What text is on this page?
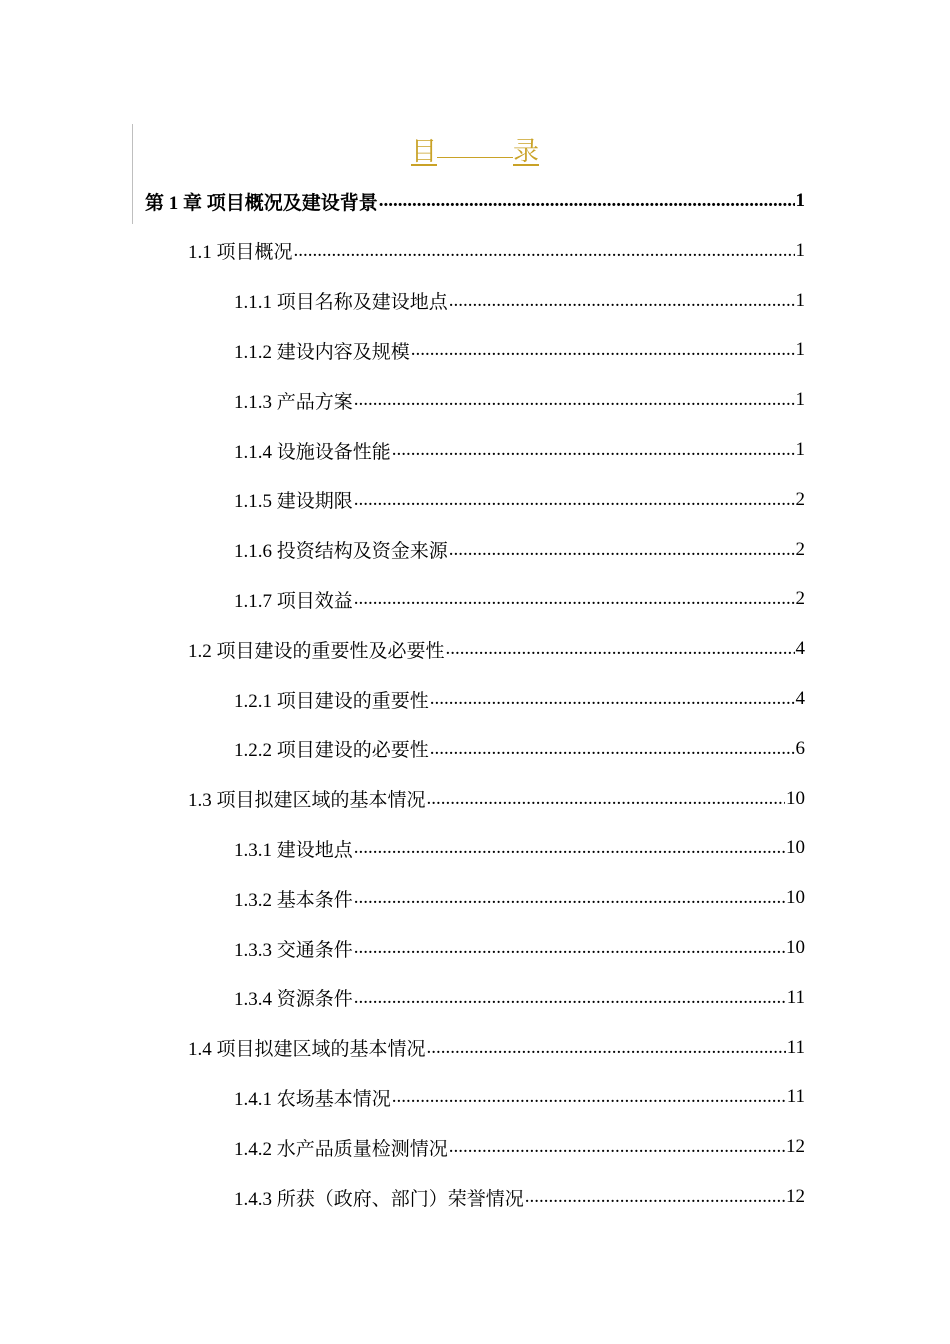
目	录
第 1 章 项目概况及建设背景 .....	1
1.1 项目概况 .....	1
1.1.1 项目名称及建设地点 .....	1
1.1.2 建设内容及规模 .....	1
1.1.3 产品方案 .....	1
1.1.4 设施设备性能 .....	1
1.1.5 建设期限 .....	2
1.1.6 投资结构及资金来源 .....	2
1.1.7 项目效益 .....	2
1.2 项目建设的重要性及必要性 .....	4
1.2.1 项目建设的重要性 .....	4
1.2.2 项目建设的必要性 .....	6
1.3 项目拟建区域的基本情况 .....	10
1.3.1 建设地点 .....	10
1.3.2 基本条件 .....	10
1.3.3 交通条件 .....	10
1.3.4 资源条件 .....	11
1.4 项目拟建区域的基本情况 .....	11
1.4.1 农场基本情况 .....	11
1.4.2 水产品质量检测情况 .....	12
1.4.3 所获（政府、部门）荣誉情况 .....	12
